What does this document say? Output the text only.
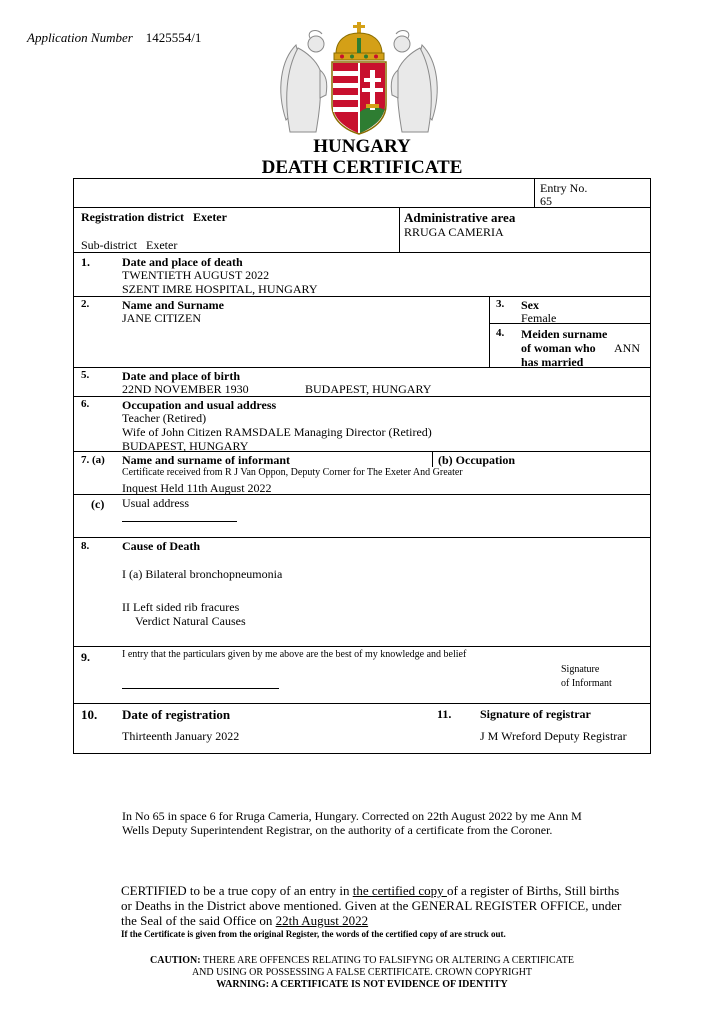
Application Number 1425554/1
HUNGARY
DEATH CERTIFICATE
Entry No.
65
Registration district Exeter
Sub-district Exeter
Administrative area
RRUGA CAMERIA
1.	Date and place of death
TWENTIETH AUGUST 2022
SZENT IMRE HOSPITAL, HUNGARY
2.	Name and Surname
JANE CITIZEN
3. Sex
Female
4. Meiden surname
of woman who
has married
ANN
5.	Date and place of birth
22ND NOVEMBER 1930	BUDAPEST, HUNGARY
6.	Occupation and usual address
Teacher (Retired)
Wife of John Citizen RAMSDALE Managing Director (Retired)
BUDAPEST, HUNGARY
7. (a) Name and surname of informant	(b) Occupation
Certificate received from R J Van Oppon, Deputy Corner for The Exeter And Greater
Inquest Held 11th August 2022
(c) Usual address
8.	Cause of Death
I (a) Bilateral bronchopneumonia
II Left sided rib fracures
Verdict Natural Causes
9.	I entry that the particulars given by me above are the best of my knowledge and belief
Signature
of Informant
10. Date of registration
Thirteenth January 2022
11. Signature of registrar
J M Wreford Deputy Registrar
In No 65 in space 6 for Rruga Cameria, Hungary. Corrected on 22th August 2022 by me Ann M
Wells Deputy Superintendent Registrar, on the authority of a certificate from the Coroner.
CERTIFIED to be a true copy of an entry in the certified copy of a register of Births, Still births
or Deaths in the District above mentioned. Given at the GENERAL REGISTER OFFICE, under
the Seal of the said Office on 22th August 2022
If the Certificate is given from the original Register, the words of the certified copy of are struck out.
CAUTION: THERE ARE OFFENCES RELATING TO FALSIFYNG OR ALTERING A CERTIFICATE
AND USING OR POSSESSING A FALSE CERTIFICATE. CROWN COPYRIGHT
WARNING: A CERTIFICATE IS NOT EVIDENCE OF IDENTITY
